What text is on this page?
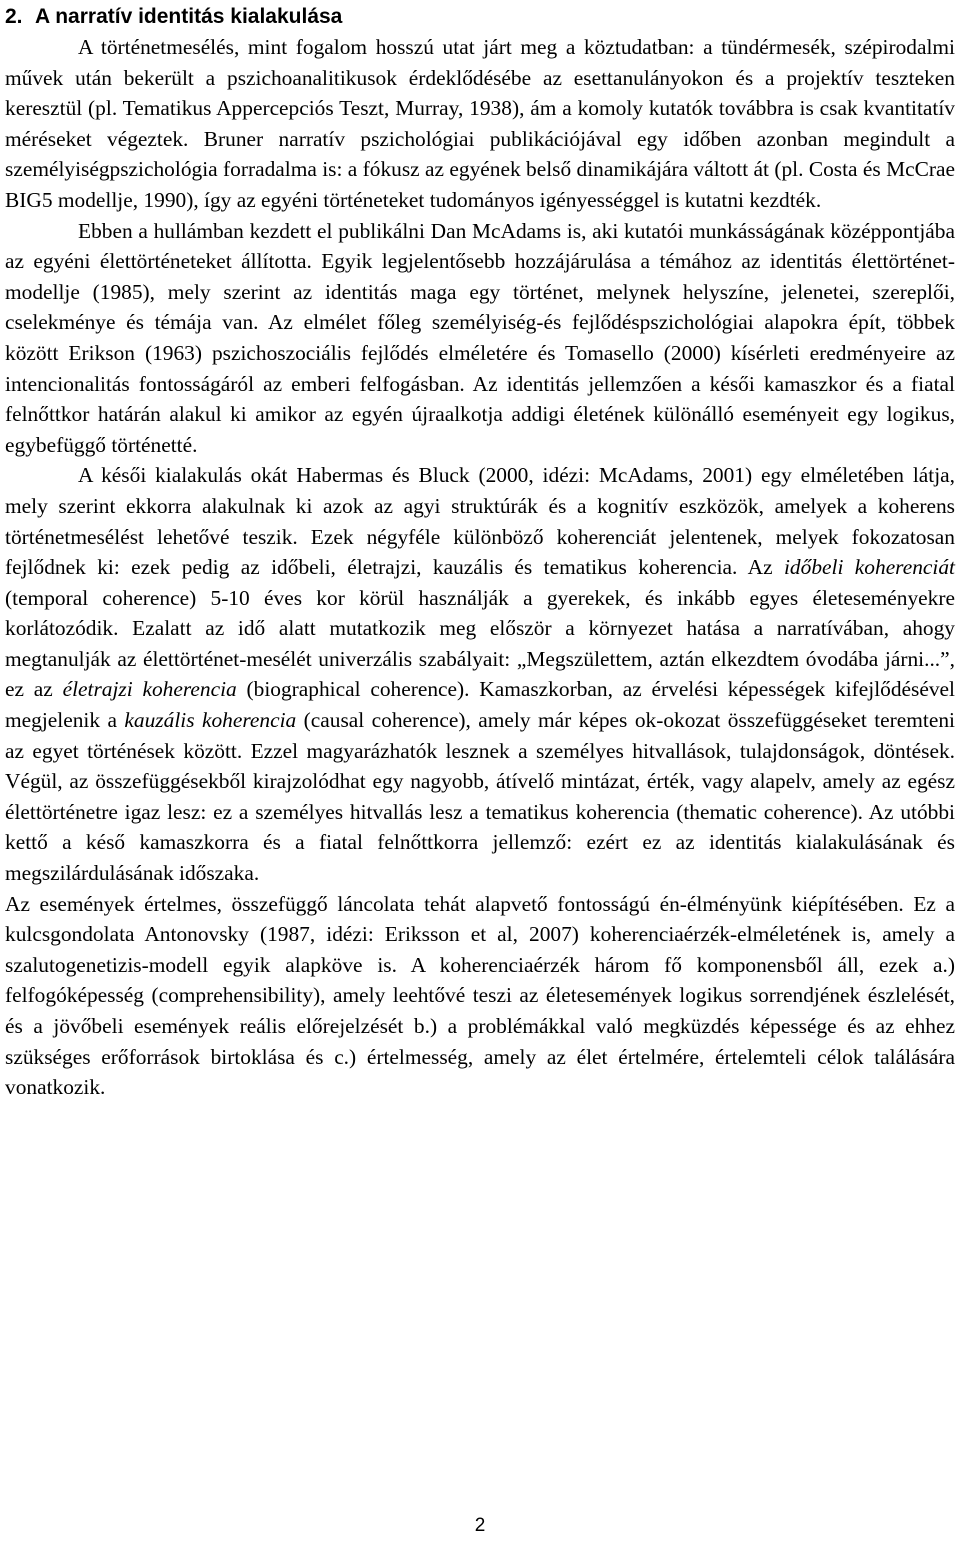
2. A narratív identitás kialakulása

A történetmesélés, mint fogalom hosszú utat járt meg a köztudatban: a tündérmesék, szépirodalmi művek után bekerült a pszichoanalitikusok érdeklődésébe az esettanulányokon és a projektív teszteken keresztül (pl. Tematikus Appercepciós Teszt, Murray, 1938), ám a komoly kutatók továbbra is csak kvantitatív méréseket végeztek. Bruner narratív pszichológiai publikációjával egy időben azonban megindult a személyiségpszichológia forradalma is: a fókusz az egyének belső dinamikájára váltott át (pl. Costa és McCrae BIG5 modellje, 1990), így az egyéni történeteket tudományos igényességgel is kutatni kezdték.

Ebben a hullámban kezdett el publikálni Dan McAdams is, aki kutatói munkásságának középpontjába az egyéni élettörténeteket állította. Egyik legjelentősebb hozzájárulása a témához az identitás élettörténet-modellje (1985), mely szerint az identitás maga egy történet, melynek helyszíne, jelenetei, szereplői, cselekménye és témája van. Az elmélet főleg személyiség-és fejlődéspszichológiai alapokra épít, többek között Erikson (1963) pszichoszociális fejlődés elméletére és Tomasello (2000) kísérleti eredményeire az intencionalitás fontosságáról az emberi felfogásban. Az identitás jellemzően a késői kamaszkor és a fiatal felnőttkor határán alakul ki amikor az egyén újraalkotja addigi életének különálló eseményeit egy logikus, egybefüggő történetté.

A késői kialakulás okát Habermas és Bluck (2000, idézi: McAdams, 2001) egy elméletében látja, mely szerint ekkorra alakulnak ki azok az agyi struktúrák és a kognitív eszközök, amelyek a koherens történetmesélést lehetővé teszik. Ezek négyféle különböző koherenciát jelentenek, melyek fokozatosan fejlődnek ki: ezek pedig az időbeli, életrajzi, kauzális és tematikus koherencia. Az időbeli koherenciát (temporal coherence) 5-10 éves kor körül használják a gyerekek, és inkább egyes életeseményekre korlátozódik. Ezalatt az idő alatt mutatkozik meg először a környezet hatása a narratívában, ahogy megtanulják az élettörténet-mesélét univerzális szabályait: „Megszülettem, aztán elkezdtem óvodába járni...”, ez az életrajzi koherencia (biographical coherence). Kamaszkorban, az érvelési képességek kifejlődésével megjelenik a kauzális koherencia (causal coherence), amely már képes ok-okozat összefüggéseket teremteni az egyet történések között. Ezzel magyarázhatók lesznek a személyes hitvallások, tulajdonságok, döntések. Végül, az összefüggésekből kirajzolódhat egy nagyobb, átívelő mintázat, érték, vagy alapelv, amely az egész élettörténetre igaz lesz: ez a személyes hitvallás lesz a tematikus koherencia (thematic coherence). Az utóbbi kettő a késő kamaszkorra és a fiatal felnőttkorra jellemző: ezért ez az identitás kialakulásának és megszilárdulásának időszaka.

Az események értelmes, összefüggő láncolata tehát alapvető fontosságú én-élményünk kiépítésében. Ez a kulcsgondolata Antonovsky (1987, idézi: Eriksson et al, 2007) koherenciaérzék-elméletének is, amely a szalutogenetizis-modell egyik alapköve is. A koherenciaérzék három fő komponensből áll, ezek a.) felfogóképesség (comprehensibility), amely leehtővé teszi az életesemények logikus sorrendjének észlelését, és a jövőbeli események reális előrejelzését b.) a problémákkal való megküzdés képessége és az ehhez szükséges erőforrások birtoklása és c.) értelmesség, amely az élet értelmére, értelemteli célok találására vonatkozik.

2
